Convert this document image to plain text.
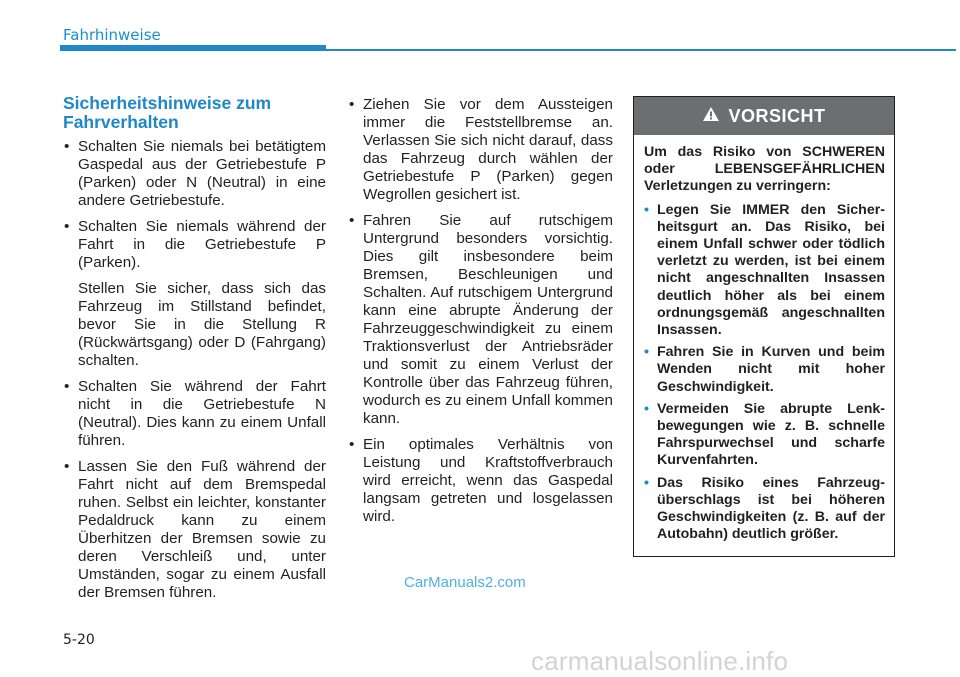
Fahrhinweise
Sicherheitshinweise zum Fahrverhalten
• Schalten Sie niemals bei betätigtem Gaspedal aus der Getriebestufe P (Parken) oder N (Neutral) in eine andere Getriebestufe.
• Schalten Sie niemals während der Fahrt in die Getriebestufe P (Parken).

Stellen Sie sicher, dass sich das Fahrzeug im Stillstand befindet, bevor Sie in die Stellung R (Rückwärtsgang) oder D (Fahrgang) schalten.

• Schalten Sie während der Fahrt nicht in die Getriebestufe N (Neutral). Dies kann zu einem Unfall führen.
• Lassen Sie den Fuß während der Fahrt nicht auf dem Bremspedal ruhen. Selbst ein leichter, konstanter Pedaldruck kann zu einem Überhitzen der Bremsen sowie zu deren Verschleiß und, unter Umständen, sogar zu einem Ausfall der Bremsen führen.
• Ziehen Sie vor dem Aussteigen immer die Feststellbremse an. Verlassen Sie sich nicht darauf, dass das Fahrzeug durch wählen der Getriebestufe P (Parken) gegen Wegrollen gesichert ist.
• Fahren Sie auf rutschigem Untergrund besonders vorsichtig. Dies gilt insbesondere beim Bremsen, Beschleunigen und Schalten. Auf rutschigem Untergrund kann eine abrupte Änderung der Fahrzeuggeschwindigkeit zu einem Traktionsverlust der Antriebsräder und somit zu einem Verlust der Kontrolle über das Fahrzeug führen, wodurch es zu einem Unfall kommen kann.
• Ein optimales Verhältnis von Leistung und Kraftstoffverbrauch wird erreicht, wenn das Gaspedal langsam getreten und losgelassen wird.
VORSICHT

Um das Risiko von SCHWEREN oder LEBENSGEFÄHRLICHEN Verletzungen zu verringern:

• Legen Sie IMMER den Sicherheitsgurt an. Das Risiko, bei einem Unfall schwer oder tödlich verletzt zu werden, ist bei einem nicht angeschnallten Insassen deutlich höher als bei einem ordnungsgemäß angeschnallten Insassen.
• Fahren Sie in Kurven und beim Wenden nicht mit hoher Geschwindigkeit.
• Vermeiden Sie abrupte Lenkbewegungen wie z. B. schnelle Fahrspurwechsel und scharfe Kurvenfahrten.
• Das Risiko eines Fahrzeugüberschlags ist bei höheren Geschwindigkeiten (z. B. auf der Autobahn) deutlich größer.
CarManuals2.com
5-20
carmanualsonline.info
